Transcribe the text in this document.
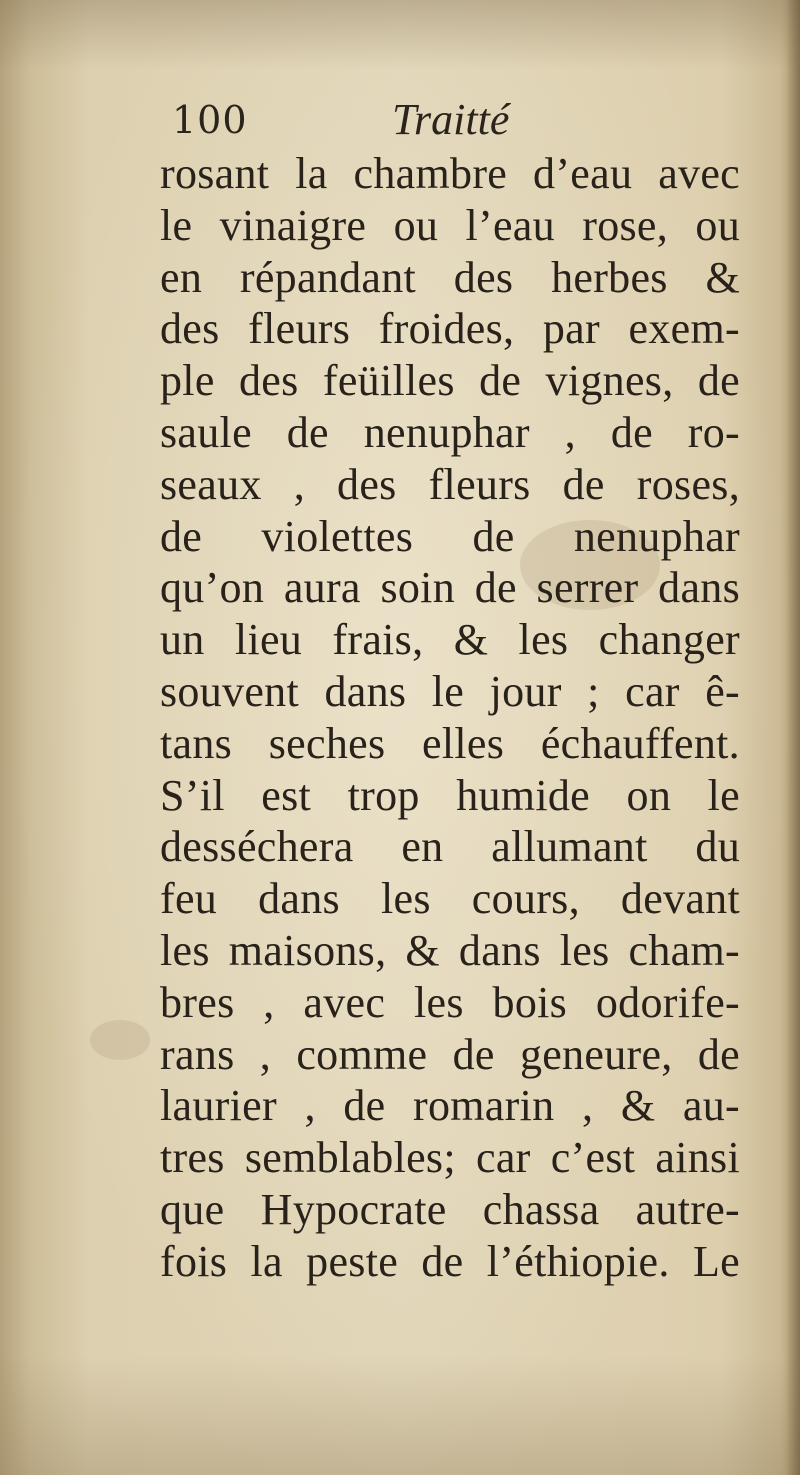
100	Traitté
rosant la chambre d’eau avec
le vinaigre ou l’eau rose, ou
en répandant des herbes &
des fleurs froides, par exem-
ple des feüilles de vignes, de
saule de nenuphar , de ro-
seaux , des fleurs de roses,
de violettes de nenuphar
qu’on aura soin de serrer dans
un lieu frais, & les changer
souvent dans le jour ; car ê-
tans seches elles échauffent.
S’il est trop humide on le
desséchera en allumant du
feu dans les cours, devant
les maisons, & dans les cham-
bres , avec les bois odorife-
rans , comme de geneure, de
laurier , de romarin , & au-
tres semblables; car c’est ainsi
que Hypocrate chassa autre-
fois la peste de l’éthiopie. Le
